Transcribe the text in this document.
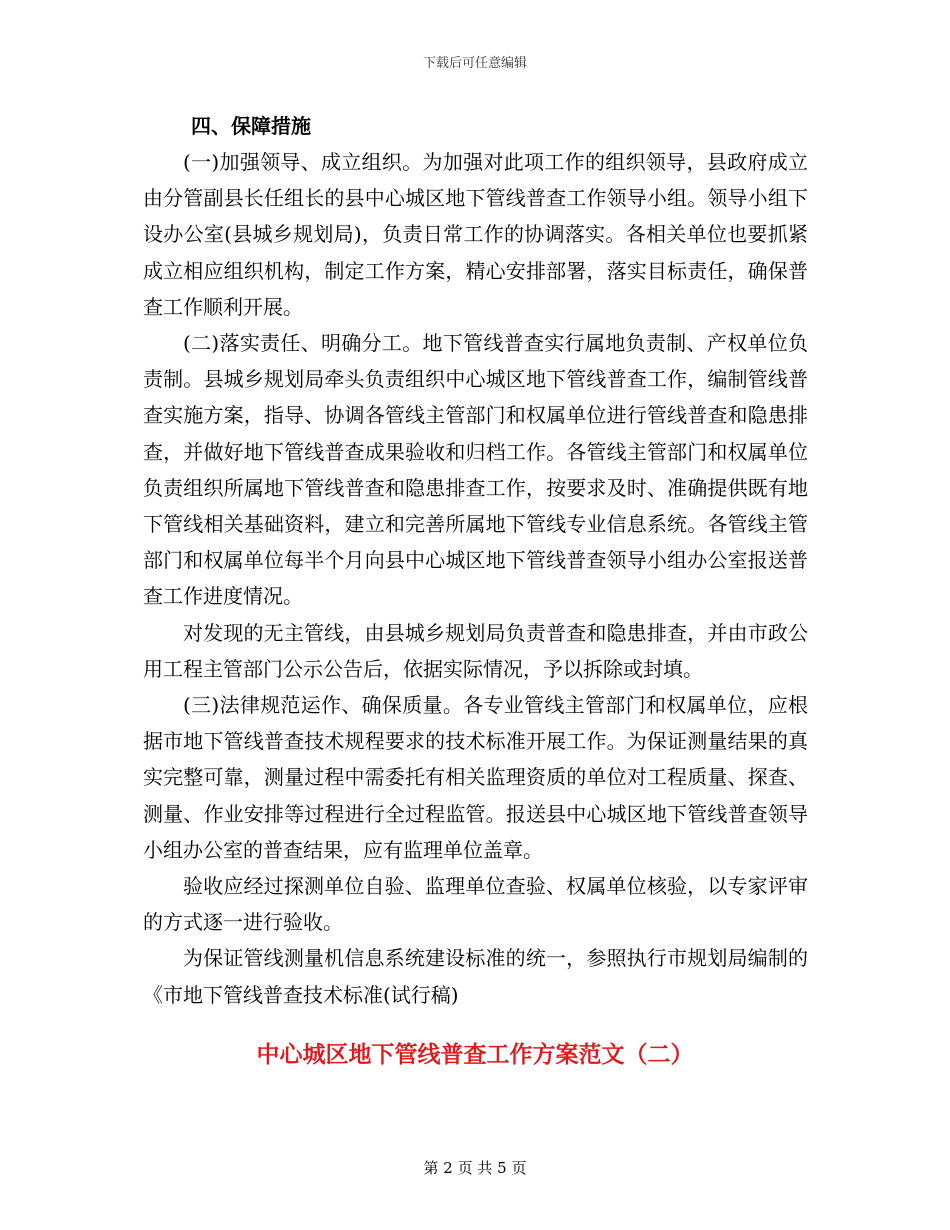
下载后可任意编辑

四、保障措施

(一)加强领导、成立组织。为加强对此项工作的组织领导，县政府成立由分管副县长任组长的县中心城区地下管线普查工作领导小组。领导小组下设办公室(县城乡规划局)，负责日常工作的协调落实。各相关单位也要抓紧成立相应组织机构，制定工作方案，精心安排部署，落实目标责任，确保普查工作顺利开展。

(二)落实责任、明确分工。地下管线普查实行属地负责制、产权单位负责制。县城乡规划局牵头负责组织中心城区地下管线普查工作，编制管线普查实施方案，指导、协调各管线主管部门和权属单位进行管线普查和隐患排查，并做好地下管线普查成果验收和归档工作。各管线主管部门和权属单位负责组织所属地下管线普查和隐患排查工作，按要求及时、准确提供既有地下管线相关基础资料，建立和完善所属地下管线专业信息系统。各管线主管部门和权属单位每半个月向县中心城区地下管线普查领导小组办公室报送普查工作进度情况。

对发现的无主管线，由县城乡规划局负责普查和隐患排查，并由市政公用工程主管部门公示公告后，依据实际情况，予以拆除或封填。

(三)法律规范运作、确保质量。各专业管线主管部门和权属单位，应根据市地下管线普查技术规程要求的技术标准开展工作。为保证测量结果的真实完整可靠，测量过程中需委托有相关监理资质的单位对工程质量、探查、测量、作业安排等过程进行全过程监管。报送县中心城区地下管线普查领导小组办公室的普查结果，应有监理单位盖章。

验收应经过探测单位自验、监理单位查验、权属单位核验，以专家评审的方式逐一进行验收。

为保证管线测量机信息系统建设标准的统一，参照执行市规划局编制的《市地下管线普查技术标准(试行稿)

中心城区地下管线普查工作方案范文（二）
第 2 页 共 5 页
